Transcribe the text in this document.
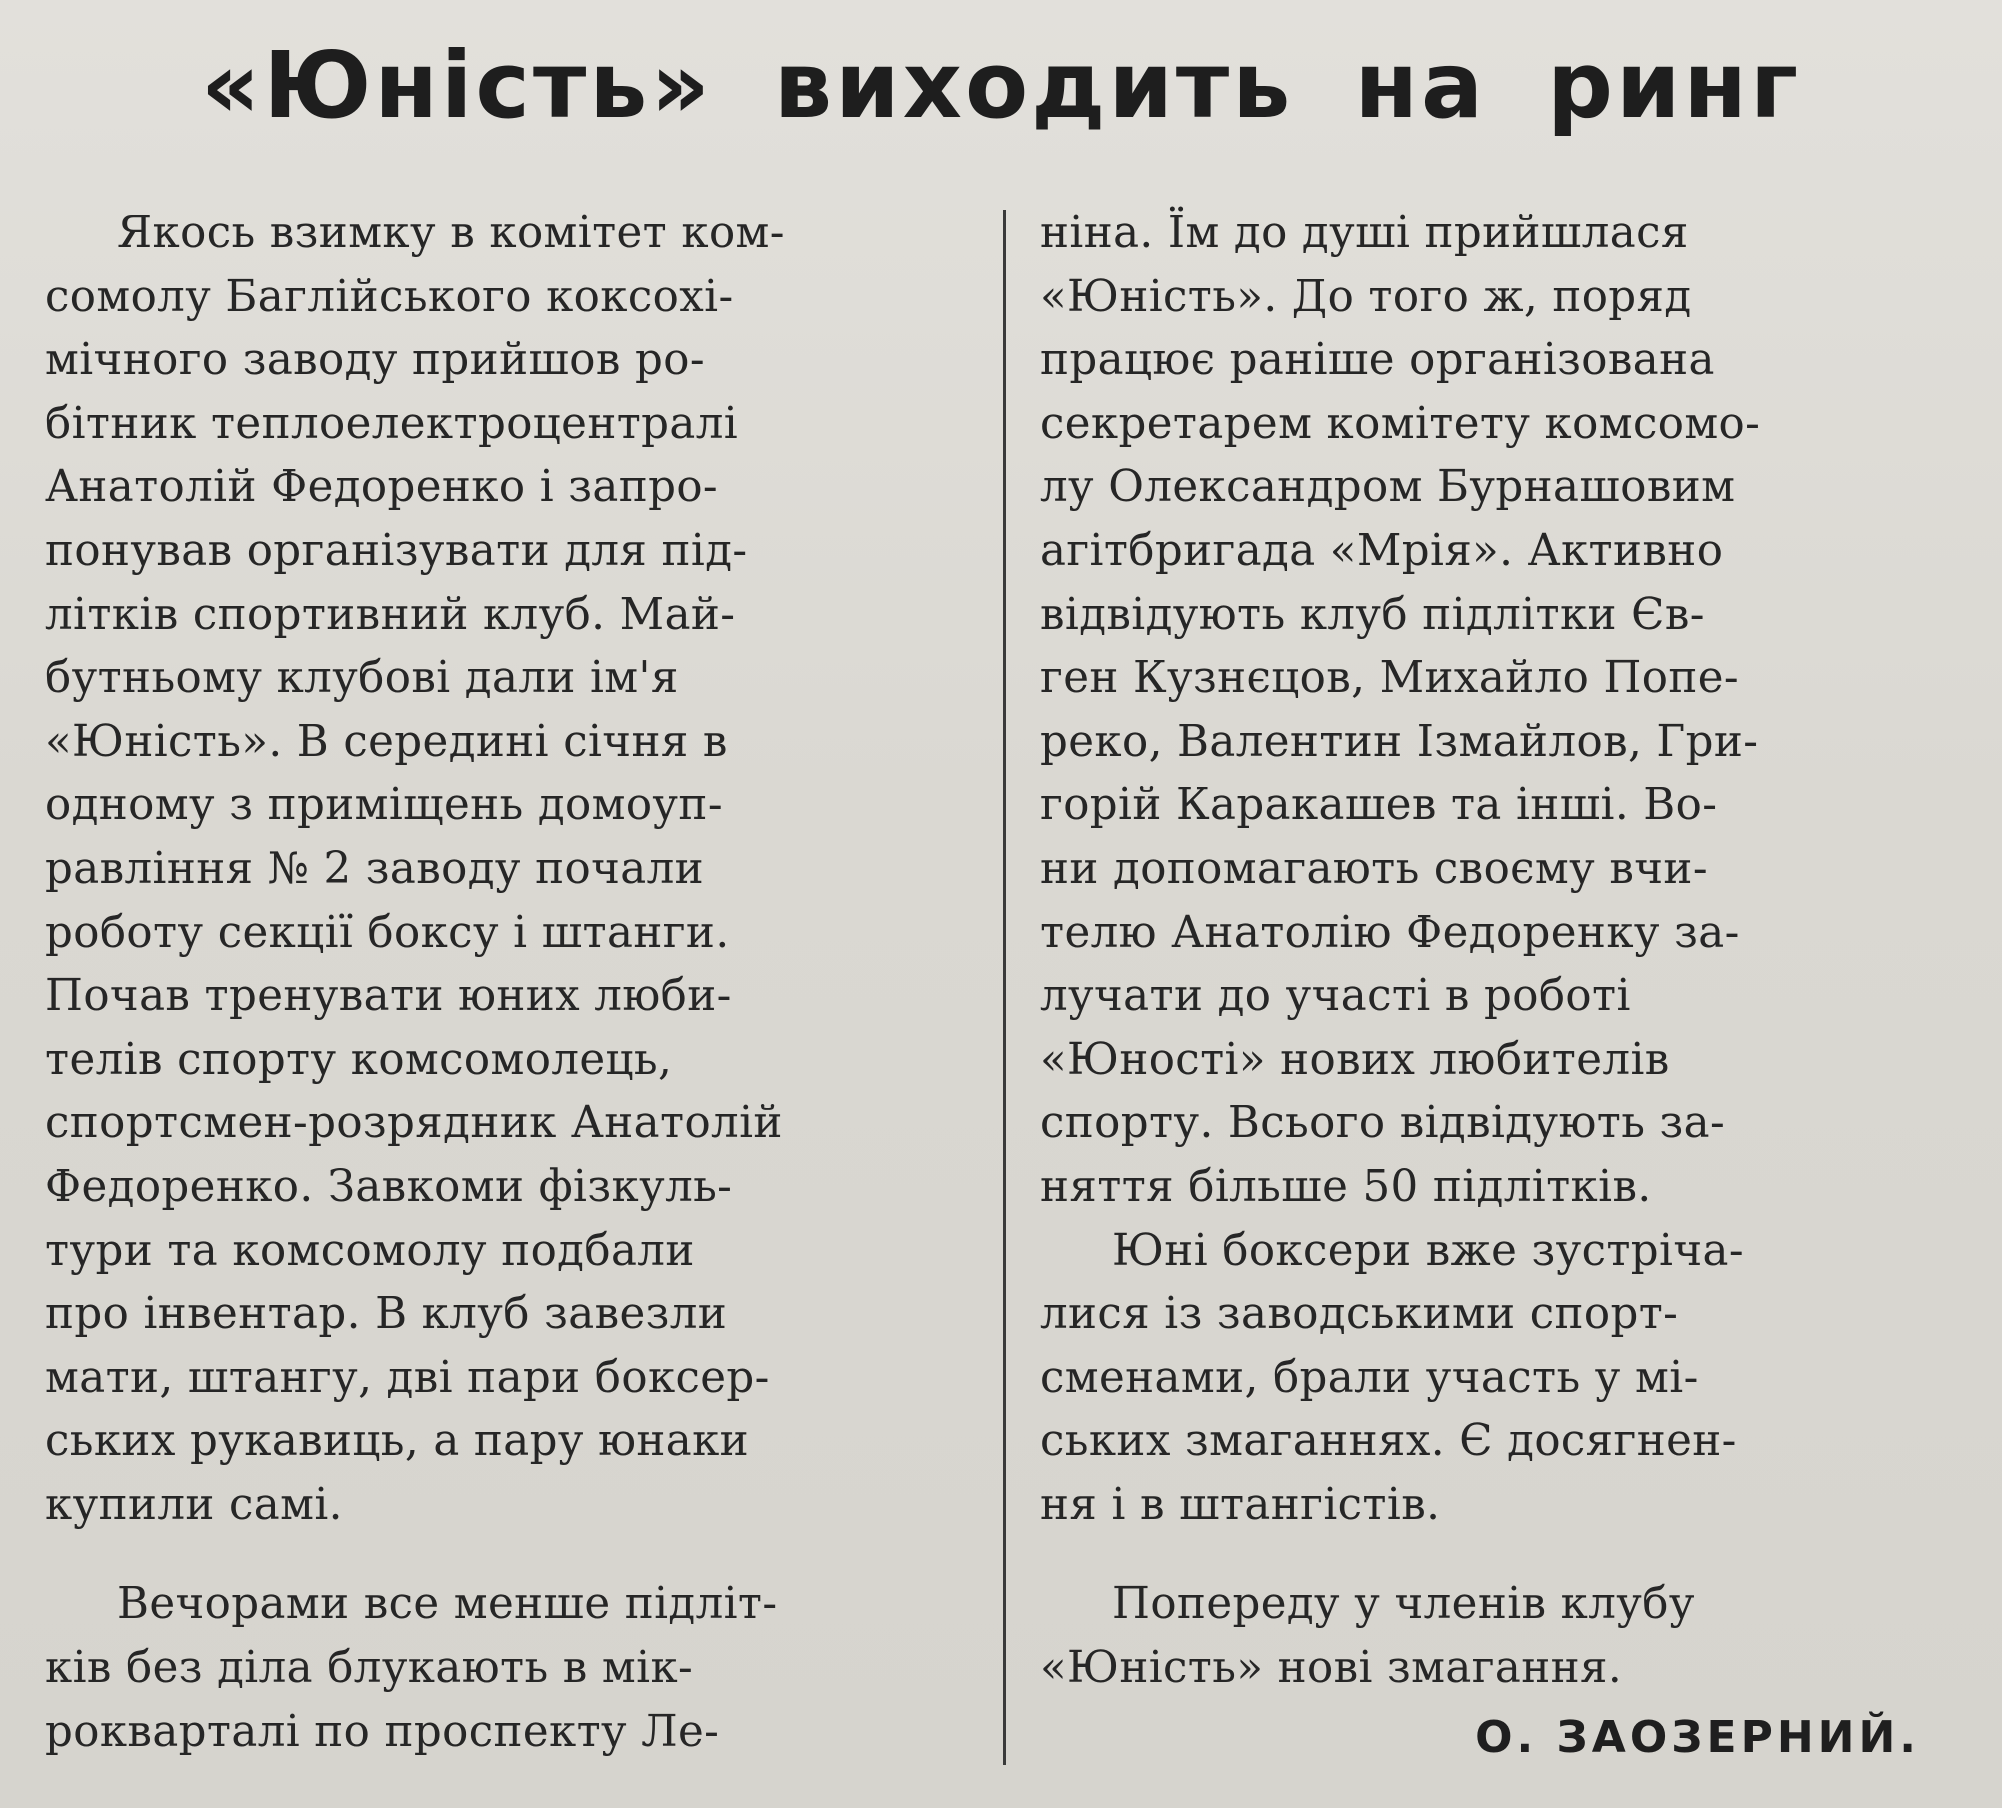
«Юність» виходить на ринг
Якось взимку в комітет ком-
сомолу Баглійського коксохі-
мічного заводу прийшов ро-
бітник теплоелектроцентралі
Анатолій Федоренко і запро-
понував організувати для під-
літків спортивний клуб. Май-
бутньому клубові дали ім'я
«Юність». В середині січня в
одному з приміщень домоуп-
равління № 2 заводу почали
роботу секції боксу і штанги.
Почав тренувати юних люби-
телів спорту комсомолець,
спортсмен-розрядник Анатолій
Федоренко. Завкоми фізкуль-
тури та комсомолу подбали
про інвентар. В клуб завезли
мати, штангу, дві пари боксер-
ських рукавиць, а пару юнаки
купили самі.
Вечорами все менше підліт-
ків без діла блукають в мік-
рокварталі по проспекту Ле-
ніна. Їм до душі прийшлася
«Юність». До того ж, поряд
працює раніше організована
секретарем комітету комсомо-
лу Олександром Бурнашовим
агітбригада «Мрія». Активно
відвідують клуб підлітки Єв-
ген Кузнєцов, Михайло Попе-
реко, Валентин Ізмайлов, Гри-
горій Каракашев та інші. Во-
ни допомагають своєму вчи-
телю Анатолію Федоренку за-
лучати до участі в роботі
«Юності» нових любителів
спорту. Всього відвідують за-
няття більше 50 підлітків.
Юні боксери вже зустріча-
лися із заводськими спорт-
сменами, брали участь у мі-
ських змаганнях. Є досягнен-
ня і в штангістів.
Попереду у членів клубу
«Юність» нові змагання.
О. ЗАОЗЕРНИЙ.
